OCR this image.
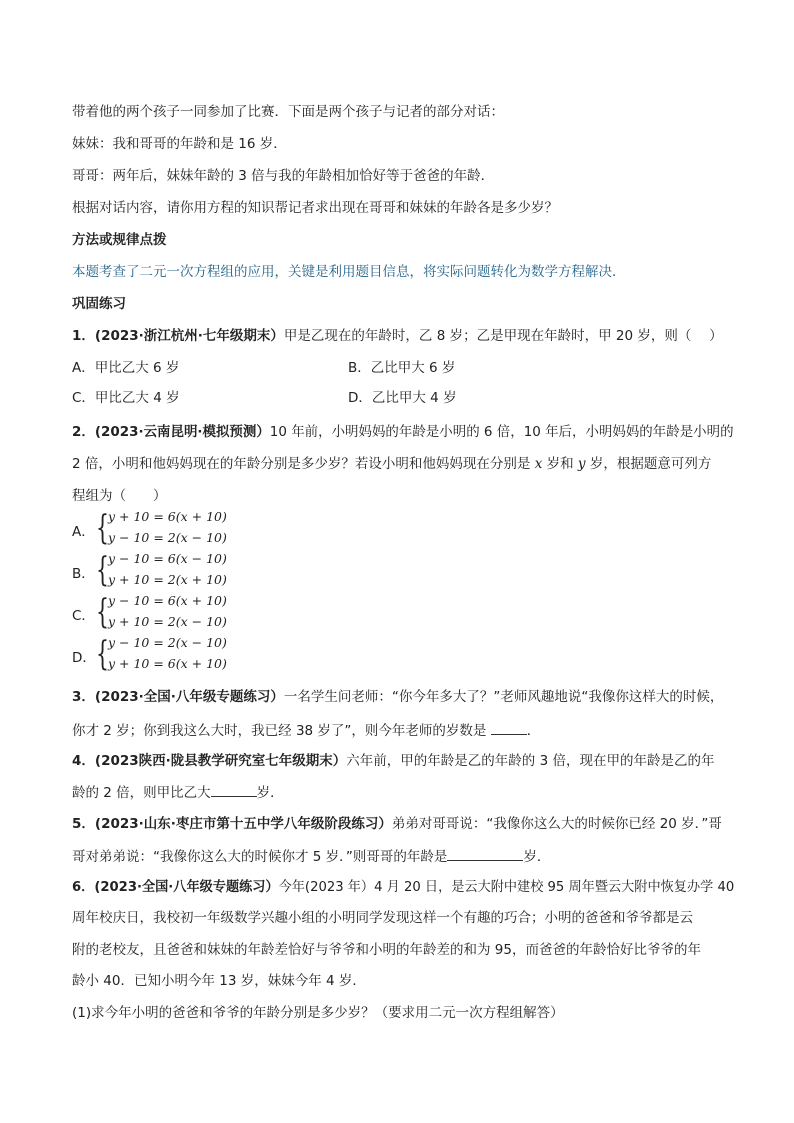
带着他的两个孩子一同参加了比赛．下面是两个孩子与记者的部分对话：
妹妹：我和哥哥的年龄和是 16 岁．
哥哥：两年后，妹妹年龄的 3 倍与我的年龄相加恰好等于爸爸的年龄．
根据对话内容，请你用方程的知识帮记者求出现在哥哥和妹妹的年龄各是多少岁？
方法或规律点拨
本题考查了二元一次方程组的应用，关键是利用题目信息，将实际问题转化为数学方程解决．
巩固练习
1．(2023·浙江杭州·七年级期末）甲是乙现在的年龄时，乙 8 岁；乙是甲现在年龄时，甲 20 岁，则（　 ）
A．甲比乙大 6 岁	B．乙比甲大 6 岁
C．甲比乙大 4 岁	D．乙比甲大 4 岁
2．(2023·云南昆明·模拟预测）10 年前，小明妈妈的年龄是小明的 6 倍，10 年后，小明妈妈的年龄是小明的
2 倍，小明和他妈妈现在的年龄分别是多少岁？若设小明和他妈妈现在分别是 x 岁和 y 岁，根据题意可列方
程组为（　　）
A． { y + 10 = 6(x + 10)
y − 10 = 2(x − 10)
B． { y − 10 = 6(x − 10)
y + 10 = 2(x + 10)
C． { y − 10 = 6(x + 10)
y + 10 = 2(x − 10)
D． { y − 10 = 2(x − 10)
y + 10 = 6(x + 10)
3．(2023·全国·八年级专题练习）一名学生问老师：“你今年多大了？”老师风趣地说“我像你这样大的时候，
你才 2 岁；你到我这么大时，我已经 38 岁了”，则今年老师的岁数是	．
4．(2023陕西·陇县教学研究室七年级期末）六年前，甲的年龄是乙的年龄的 3 倍，现在甲的年龄是乙的年
龄的 2 倍，则甲比乙大	岁．
5．(2023·山东·枣庄市第十五中学八年级阶段练习）弟弟对哥哥说：“我像你这么大的时候你已经 20 岁．”哥
哥对弟弟说：“我像你这么大的时候你才 5 岁．”则哥哥的年龄是	岁．
6．(2023·全国·八年级专题练习）今年(2023 年）4 月 20 日，是云大附中建校 95 周年暨云大附中恢复办学 40
周年校庆日，我校初一年级数学兴趣小组的小明同学发现这样一个有趣的巧合；小明的爸爸和爷爷都是云
附的老校友，且爸爸和妹妹的年龄差恰好与爷爷和小明的年龄差的和为 95，而爸爸的年龄恰好比爷爷的年
龄小 40．已知小明今年 13 岁，妹妹今年 4 岁．
(1)求今年小明的爸爸和爷爷的年龄分别是多少岁？（要求用二元一次方程组解答）
